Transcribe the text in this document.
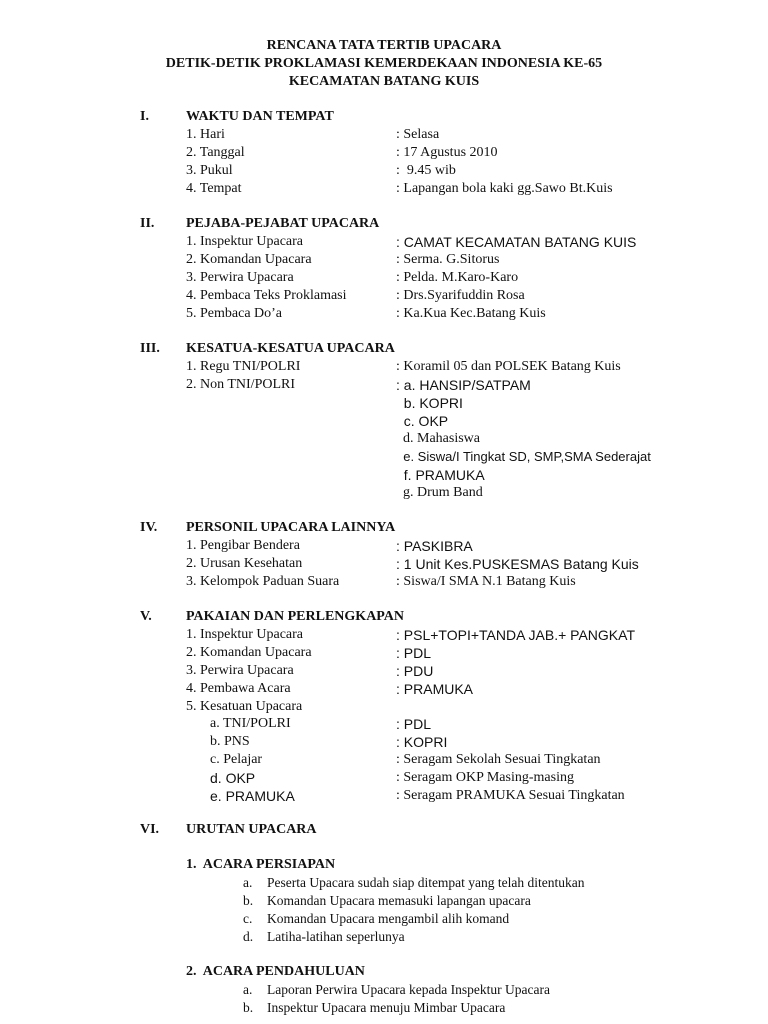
RENCANA TATA TERTIB UPACARA
DETIK-DETIK PROKLAMASI KEMERDEKAAN INDONESIA KE-65
KECAMATAN BATANG KUIS
I.	WAKTU DAN TEMPAT
1. Hari	: Selasa
2. Tanggal	: 17 Agustus 2010
3. Pukul	:  9.45 wib
4. Tempat	: Lapangan bola kaki gg.Sawo Bt.Kuis
II. PEJABA-PEJABAT UPACARA
1. Inspektur Upacara	: CAMAT KECAMATAN BATANG KUIS
2. Komandan Upacara	: Serma. G.Sitorus
3. Perwira Upacara	: Pelda. M.Karo-Karo
4. Pembaca Teks Proklamasi	: Drs.Syarifuddin Rosa
5. Pembaca Do’a	: Ka.Kua Kec.Batang Kuis
III. KESATUA-KESATUA UPACARA
1. Regu TNI/POLRI	: Koramil 05 dan POLSEK Batang Kuis
2. Non TNI/POLRI	: a. HANSIP/SATPAM
b. KOPRI
c. OKP
d. Mahasiswa
e. Siswa/I Tingkat SD, SMP,SMA Sederajat
f. PRAMUKA
g. Drum Band
IV. PERSONIL UPACARA LAINNYA
1. Pengibar Bendera	: PASKIBRA
2. Urusan Kesehatan	: 1 Unit Kes.PUSKESMAS Batang Kuis
3. Kelompok Paduan Suara	: Siswa/I SMA N.1 Batang Kuis
V. PAKAIAN DAN PERLENGKAPAN
1. Inspektur Upacara	: PSL+TOPI+TANDA JAB.+ PANGKAT
2. Komandan Upacara	: PDL
3. Perwira Upacara	: PDU
4. Pembawa Acara	: PRAMUKA
5. Kesatuan Upacara
a. TNI/POLRI	: PDL
b. PNS	: KOPRI
c. Pelajar	: Seragam Sekolah Sesuai Tingkatan
d. OKP	: Seragam OKP Masing-masing
e. PRAMUKA	: Seragam PRAMUKA Sesuai Tingkatan
VI. URUTAN UPACARA
1.  ACARA PERSIAPAN
a. Peserta Upacara sudah siap ditempat yang telah ditentukan
b. Komandan Upacara memasuki lapangan upacara
c. Komandan Upacara mengambil alih komand
d. Latiha-latihan seperlunya
2.  ACARA PENDAHULUAN
a. Laporan Perwira Upacara kepada Inspektur Upacara
b. Inspektur Upacara menuju Mimbar Upacara
